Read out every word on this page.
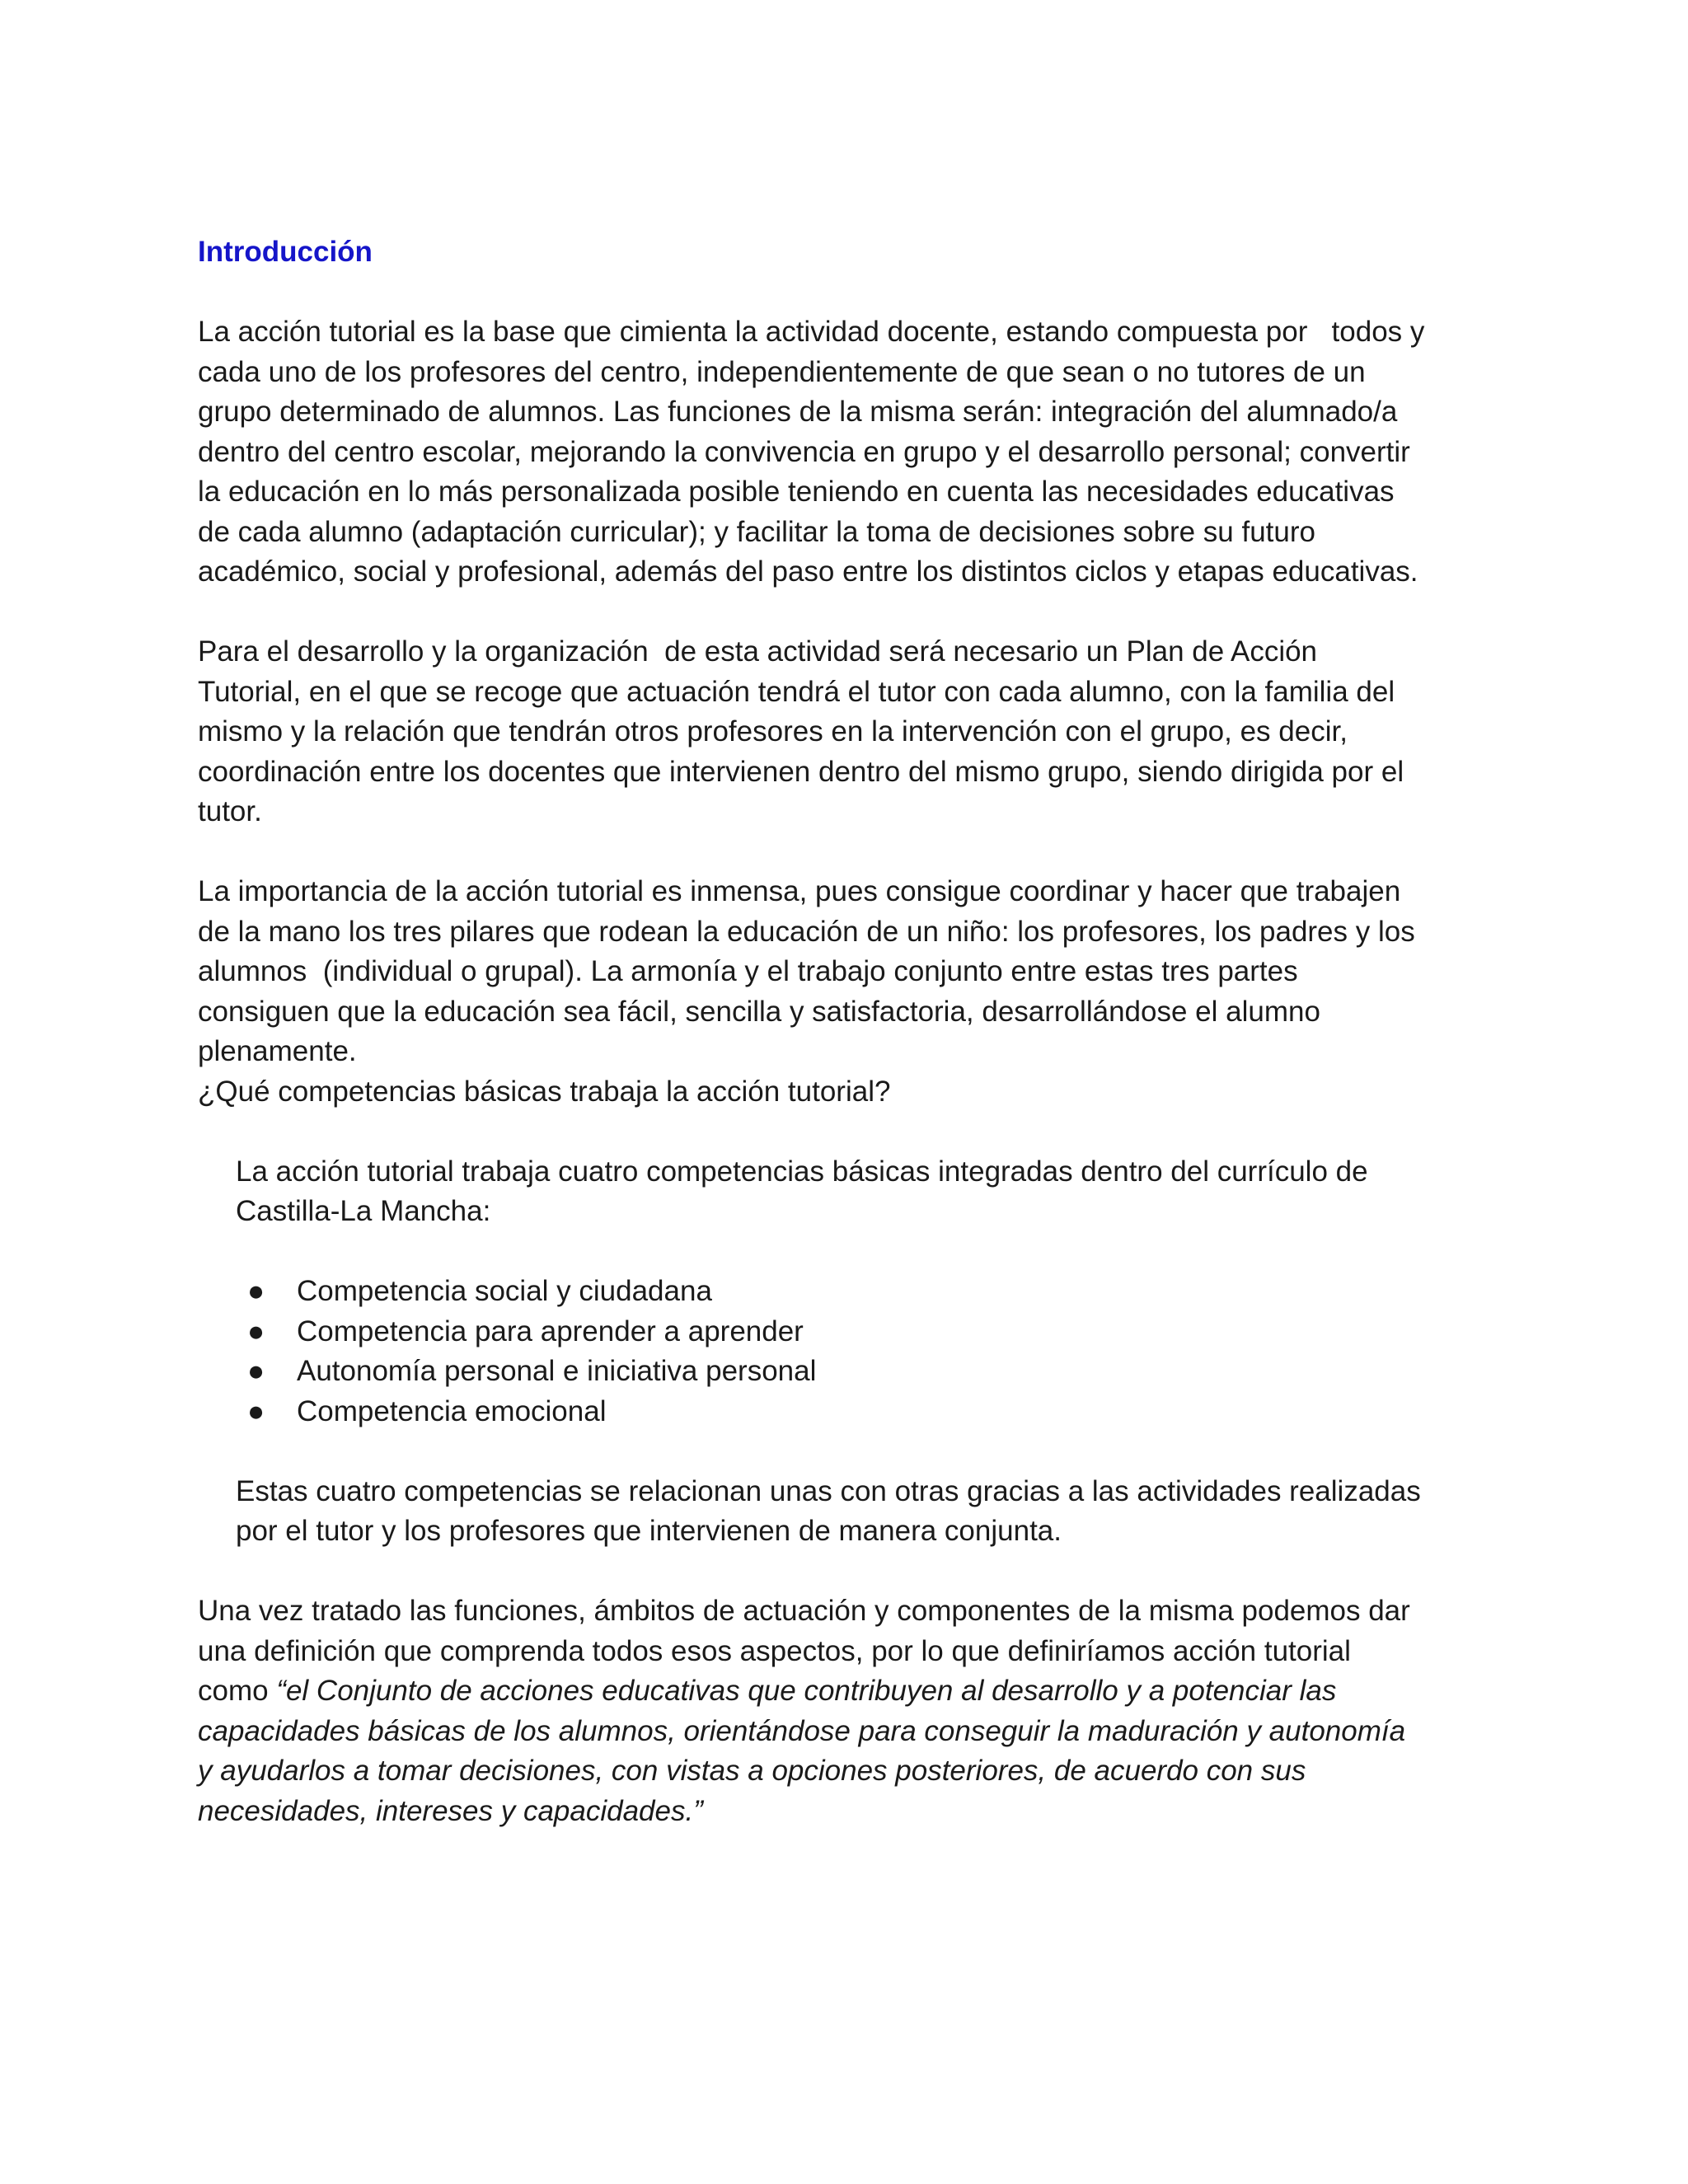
Introducción
La acción tutorial es la base que cimienta la actividad docente, estando compuesta por   todos y
cada uno de los profesores del centro, independientemente de que sean o no tutores de un
grupo determinado de alumnos. Las funciones de la misma serán: integración del alumnado/a
dentro del centro escolar, mejorando la convivencia en grupo y el desarrollo personal; convertir
la educación en lo más personalizada posible teniendo en cuenta las necesidades educativas
de cada alumno (adaptación curricular); y facilitar la toma de decisiones sobre su futuro
académico, social y profesional, además del paso entre los distintos ciclos y etapas educativas.
Para el desarrollo y la organización  de esta actividad será necesario un Plan de Acción
Tutorial, en el que se recoge que actuación tendrá el tutor con cada alumno, con la familia del
mismo y la relación que tendrán otros profesores en la intervención con el grupo, es decir,
coordinación entre los docentes que intervienen dentro del mismo grupo, siendo dirigida por el
tutor.
La importancia de la acción tutorial es inmensa, pues consigue coordinar y hacer que trabajen
de la mano los tres pilares que rodean la educación de un niño: los profesores, los padres y los
alumnos  (individual o grupal). La armonía y el trabajo conjunto entre estas tres partes
consiguen que la educación sea fácil, sencilla y satisfactoria, desarrollándose el alumno
plenamente.
¿Qué competencias básicas trabaja la acción tutorial?
La acción tutorial trabaja cuatro competencias básicas integradas dentro del currículo de
Castilla-La Mancha:
● Competencia social y ciudadana
● Competencia para aprender a aprender
● Autonomía personal e iniciativa personal
● Competencia emocional
Estas cuatro competencias se relacionan unas con otras gracias a las actividades realizadas
por el tutor y los profesores que intervienen de manera conjunta.
Una vez tratado las funciones, ámbitos de actuación y componentes de la misma podemos dar
una definición que comprenda todos esos aspectos, por lo que definiríamos acción tutorial
como “el Conjunto de acciones educativas que contribuyen al desarrollo y a potenciar las
capacidades básicas de los alumnos, orientándose para conseguir la maduración y autonomía
y ayudarlos a tomar decisiones, con vistas a opciones posteriores, de acuerdo con sus
necesidades, intereses y capacidades.”
